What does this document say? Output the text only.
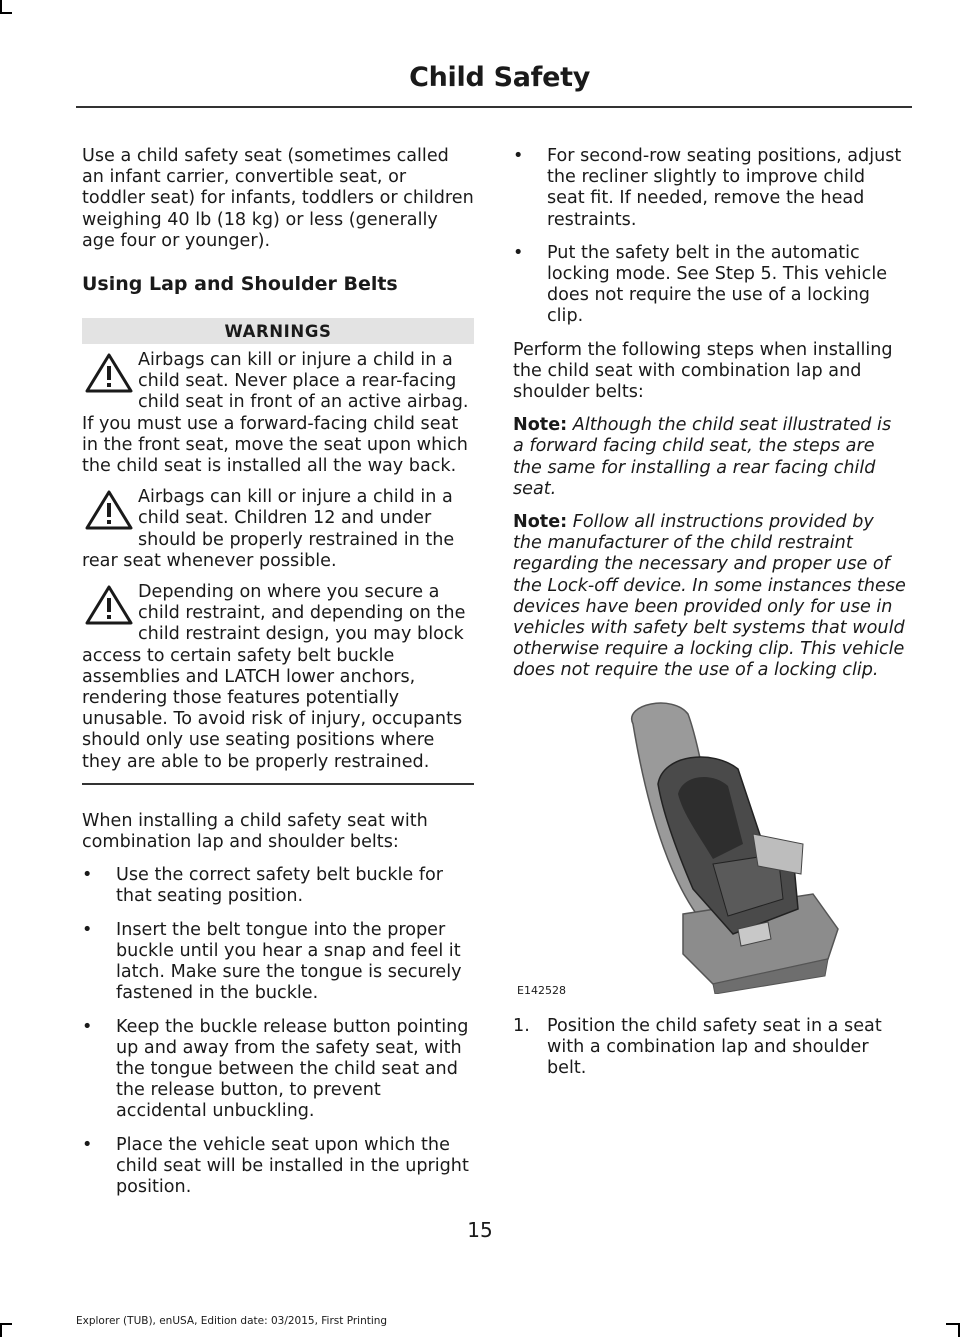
Child Safety

Use a child safety seat (sometimes called an infant carrier, convertible seat, or toddler seat) for infants, toddlers or children weighing 40 lb (18 kg) or less (generally age four or younger).

Using Lap and Shoulder Belts
WARNINGS

Airbags can kill or injure a child in a child seat. Never place a rear-facing child seat in front of an active airbag. If you must use a forward-facing child seat in the front seat, move the seat upon which the child seat is installed all the way back.

Airbags can kill or injure a child in a child seat. Children 12 and under should be properly restrained in the rear seat whenever possible.

Depending on where you secure a child restraint, and depending on the child restraint design, you may block access to certain safety belt buckle assemblies and LATCH lower anchors, rendering those features potentially unusable. To avoid risk of injury, occupants should only use seating positions where they are able to be properly restrained.

When installing a child safety seat with combination lap and shoulder belts:

• Use the correct safety belt buckle for that seating position.
• Insert the belt tongue into the proper buckle until you hear a snap and feel it latch. Make sure the tongue is securely fastened in the buckle.
• Keep the buckle release button pointing up and away from the safety seat, with the tongue between the child seat and the release button, to prevent accidental unbuckling.
• Place the vehicle seat upon which the child seat will be installed in the upright position.
• For second-row seating positions, adjust the recliner slightly to improve child seat fit. If needed, remove the head restraints.
• Put the safety belt in the automatic locking mode. See Step 5. This vehicle does not require the use of a locking clip.

Perform the following steps when installing the child seat with combination lap and shoulder belts:

Note: Although the child seat illustrated is a forward facing child seat, the steps are the same for installing a rear facing child seat.

Note: Follow all instructions provided by the manufacturer of the child restraint regarding the necessary and proper use of the Lock-off device. In some instances these devices have been provided only for use in vehicles with safety belt systems that would otherwise require a locking clip. This vehicle does not require the use of a locking clip.

E142528
1. Position the child safety seat in a seat with a combination lap and shoulder belt.
15
Explorer (TUB), enUSA, Edition date: 03/2015, First Printing
